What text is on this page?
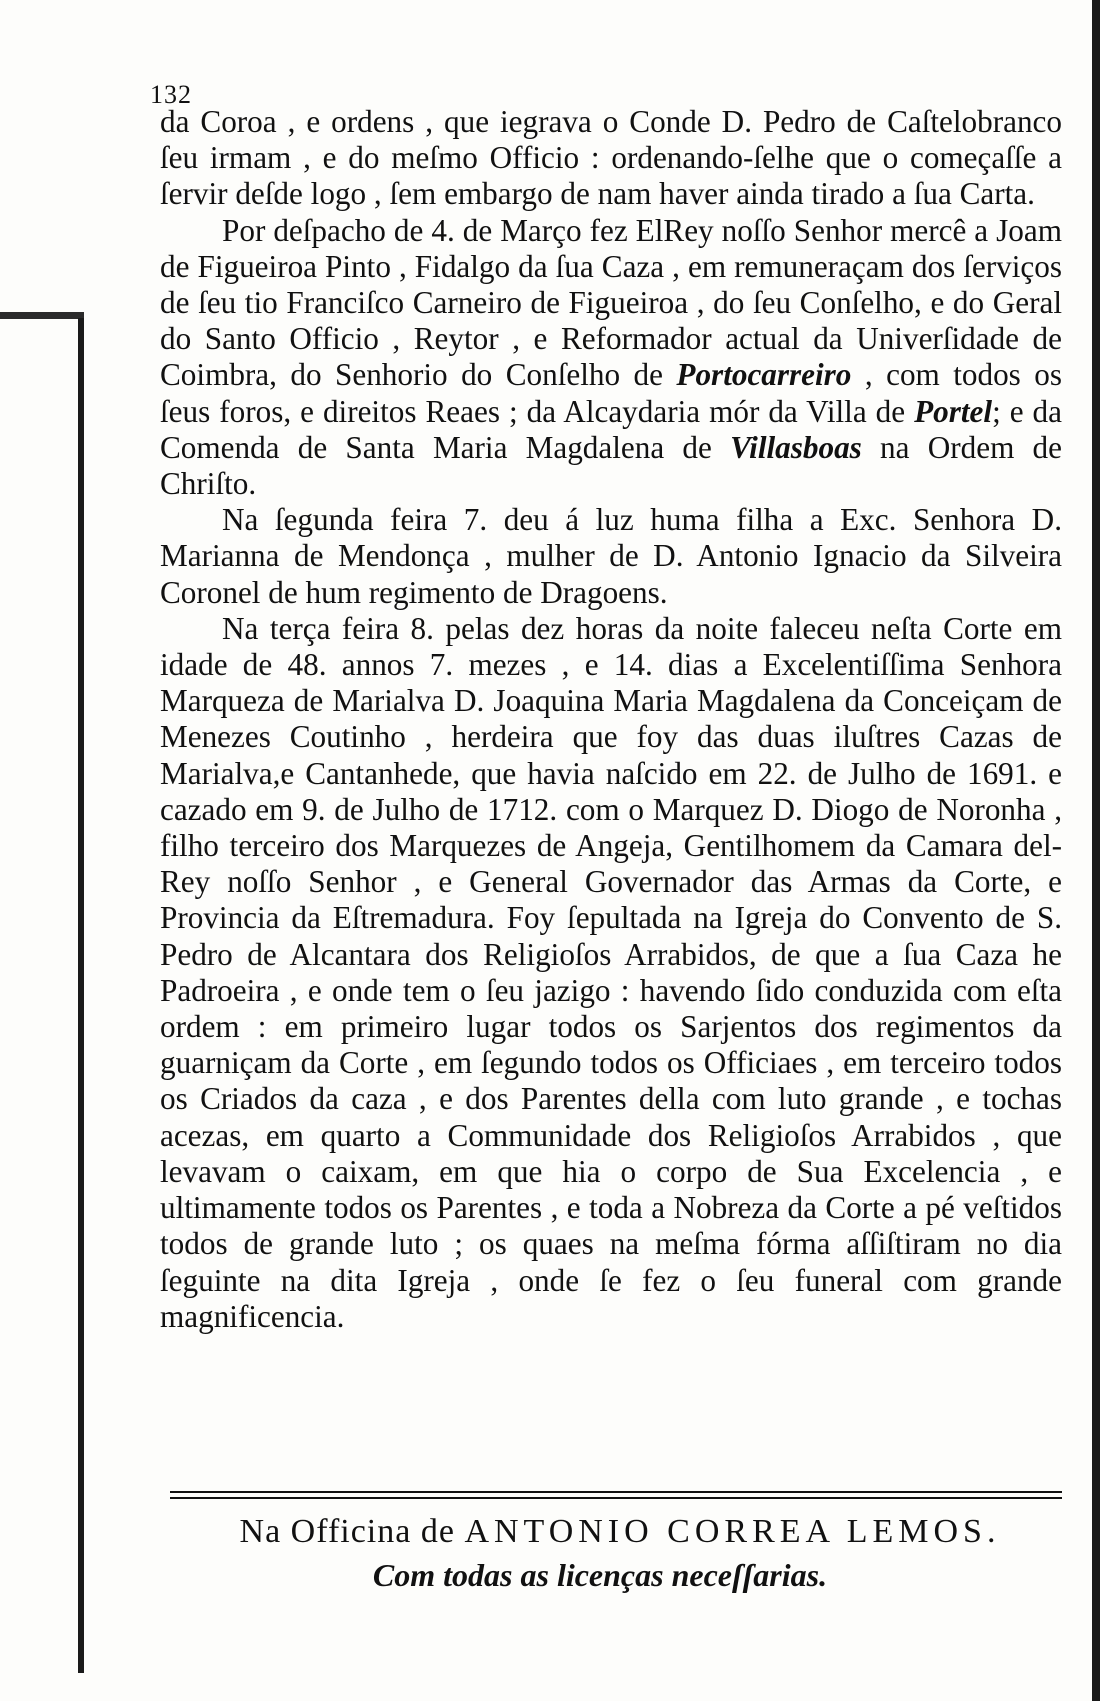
132

da Coroa , e ordens , que iegrava o Conde D. Pedro de Caſtelobranco ſeu irmam , e do meſmo Officio : ordenando-ſelhe que o começaſſe a ſervir deſde logo , ſem embargo de nam haver ainda tirado a ſua Carta.

Por deſpacho de 4. de Março fez ElRey noſſo Senhor mercê a Joam de Figueiroa Pinto , Fidalgo da ſua Caza , em remuneraçam dos ſerviços de ſeu tio Franciſco Carneiro de Figueiroa , do ſeu Conſelho, e do Geral do Santo Officio , Reytor , e Reformador actual da Univerſidade de Coimbra, do Senhorio do Conſelho de Portocarreiro , com todos os ſeus foros, e direitos Reaes ; da Alcaydaria mór da Villa de Portel; e da Comenda de Santa Maria Magdalena de Villasboas na Ordem de Chriſto.

Na ſegunda feira 7. deu á luz huma filha a Exc. Senhora D. Marianna de Mendonça , mulher de D. Antonio Ignacio da Silveira Coronel de hum regimento de Dragoens.

Na terça feira 8. pelas dez horas da noite faleceu neſta Corte em idade de 48. annos 7. mezes , e 14. dias a Excelentiſſima Senhora Marqueza de Marialva D. Joaquina Maria Magdalena da Conceiçam de Menezes Coutinho , herdeira que foy das duas iluſtres Cazas de Marialva,e Cantanhede, que havia naſcido em 22. de Julho de 1691. e cazado em 9. de Julho de 1712. com o Marquez D. Diogo de Noronha , filho terceiro dos Marquezes de Angeja, Gentilhomem da Camara del-Rey noſſo Senhor , e General Governador das Armas da Corte, e Provincia da Eſtremadura. Foy ſepultada na Igreja do Convento de S. Pedro de Alcantara dos Religioſos Arrabidos, de que a ſua Caza he Padroeira , e onde tem o ſeu jazigo : havendo ſido conduzida com eſta ordem : em primeiro lugar todos os Sarjentos dos regimentos da guarniçam da Corte , em ſegundo todos os Officiaes , em terceiro todos os Criados da caza , e dos Parentes della com luto grande , e tochas acezas, em quarto a Communidade dos Religioſos Arrabidos , que levavam o caixam, em que hia o corpo de Sua Excelencia , e ultimamente todos os Parentes , e toda a Nobreza da Corte a pé veſtidos todos de grande luto ; os quaes na meſma fórma aſſiſtiram no dia ſeguinte na dita Igreja , onde ſe fez o ſeu funeral com grande magnificencia.

Na Officina de ANTONIO CORREA LEMOS.
Com todas as licenças neceſſarias.
